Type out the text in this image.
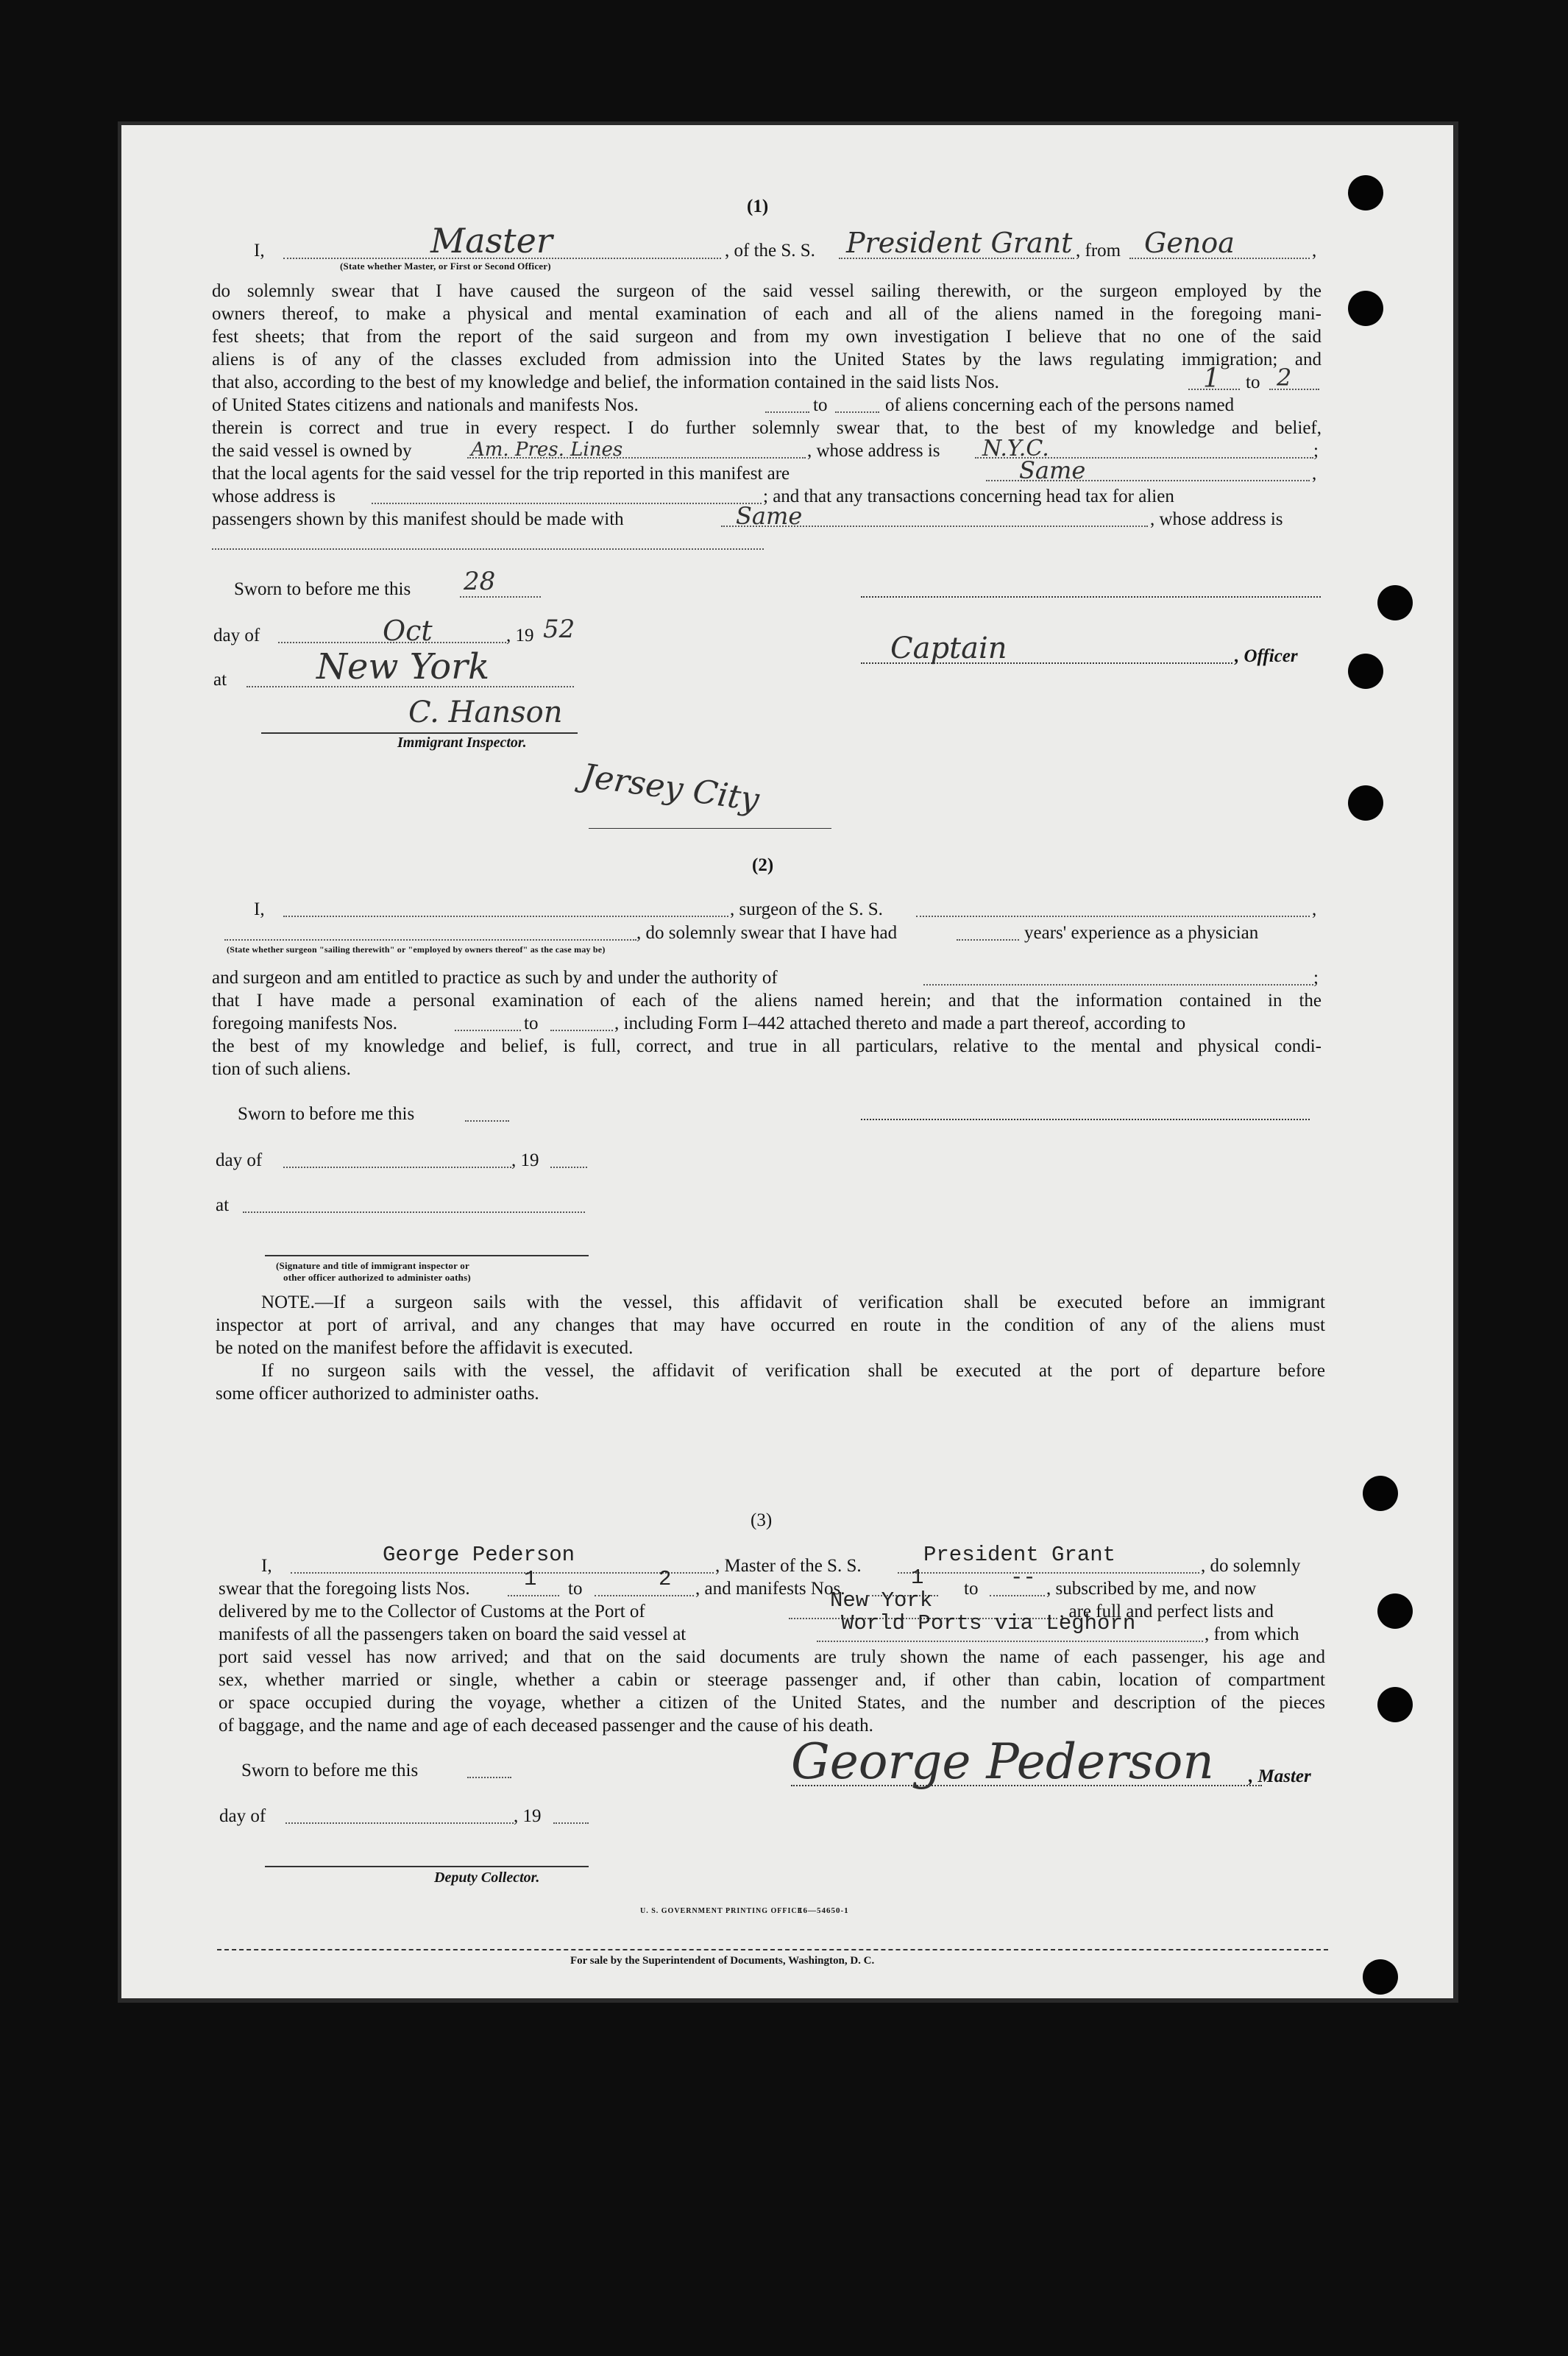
(1)
I,	Master	, of the S. S. President Grant , from Genoa	,
(State whether Master, or First or Second Officer)
do solemnly swear that I have caused the surgeon of the said vessel sailing therewith, or the surgeon employed by the
owners thereof, to make a physical and mental examination of each and all of the aliens named in the foregoing mani-
fest sheets; that from the report of the said surgeon and from my own investigation I believe that no one of the said
aliens is of any of the classes excluded from admission into the United States by the laws regulating immigration; and
that also, according to the best of my knowledge and belief, the information contained in the said lists Nos.	1 to 2
of United States citizens and nationals and manifests Nos.	to	of aliens concerning each of the persons named
therein is correct and true in every respect. I do further solemnly swear that, to the best of my knowledge and belief,
the said vessel is owned by	Am. Pres. Lines	, whose address is N.Y.C.	;
that the local agents for the said vessel for the trip reported in this manifest are	Same	,
whose address is	; and that any transactions concerning head tax for alien
passengers shown by this manifest should be made with	Same	, whose address is
Sworn to before me this 28
day of	Oct	, 19 52
Captain	, Officer
at	New York
C. Hanson
Immigrant Inspector.
Jersey City
(2)
I,	, surgeon of the S. S.	,
, do solemnly swear that I have had	years' experience as a physician
(State whether surgeon "sailing therewith" or "employed by owners thereof" as the case may be)
and surgeon and am entitled to practice as such by and under the authority of	;
that I have made a personal examination of each of the aliens named herein; and that the information contained in the
foregoing manifests Nos.	to	, including Form I–442 attached thereto and made a part thereof, according to
the best of my knowledge and belief, is full, correct, and true in all particulars, relative to the mental and physical condi-
tion of such aliens.
Sworn to before me this
day of	, 19
at
(Signature and title of immigrant inspector or
other officer authorized to administer oaths)
NOTE.—If a surgeon sails with the vessel, this affidavit of verification shall be executed before an immigrant
inspector at port of arrival, and any changes that may have occurred en route in the condition of any of the aliens must
be noted on the manifest before the affidavit is executed.
If no surgeon sails with the vessel, the affidavit of verification shall be executed at the port of departure before
some officer authorized to administer oaths.
(3)
I,	George Pederson	, Master of the S. S.	President Grant	, do solemnly
swear that the foregoing lists Nos.	1 to	2 , and manifests Nos.	1 to -- , subscribed by me, and now
delivered by me to the Collector of Customs at the Port of	New York	, are full and perfect lists and
manifests of all the passengers taken on board the said vessel at	World Ports via Leghorn	, from which
port said vessel has now arrived; and that on the said documents are truly shown the name of each passenger, his age and
sex, whether married or single, whether a cabin or steerage passenger and, if other than cabin, location of compartment
or space occupied during the voyage, whether a citizen of the United States, and the number and description of the pieces
of baggage, and the name and age of each deceased passenger and the cause of his death.
Sworn to before me this	George Pederson , Master
day of	, 19
Deputy Collector.
U. S. GOVERNMENT PRINTING OFFICE
16—54650-1
For sale by the Superintendent of Documents, Washington, D. C.
